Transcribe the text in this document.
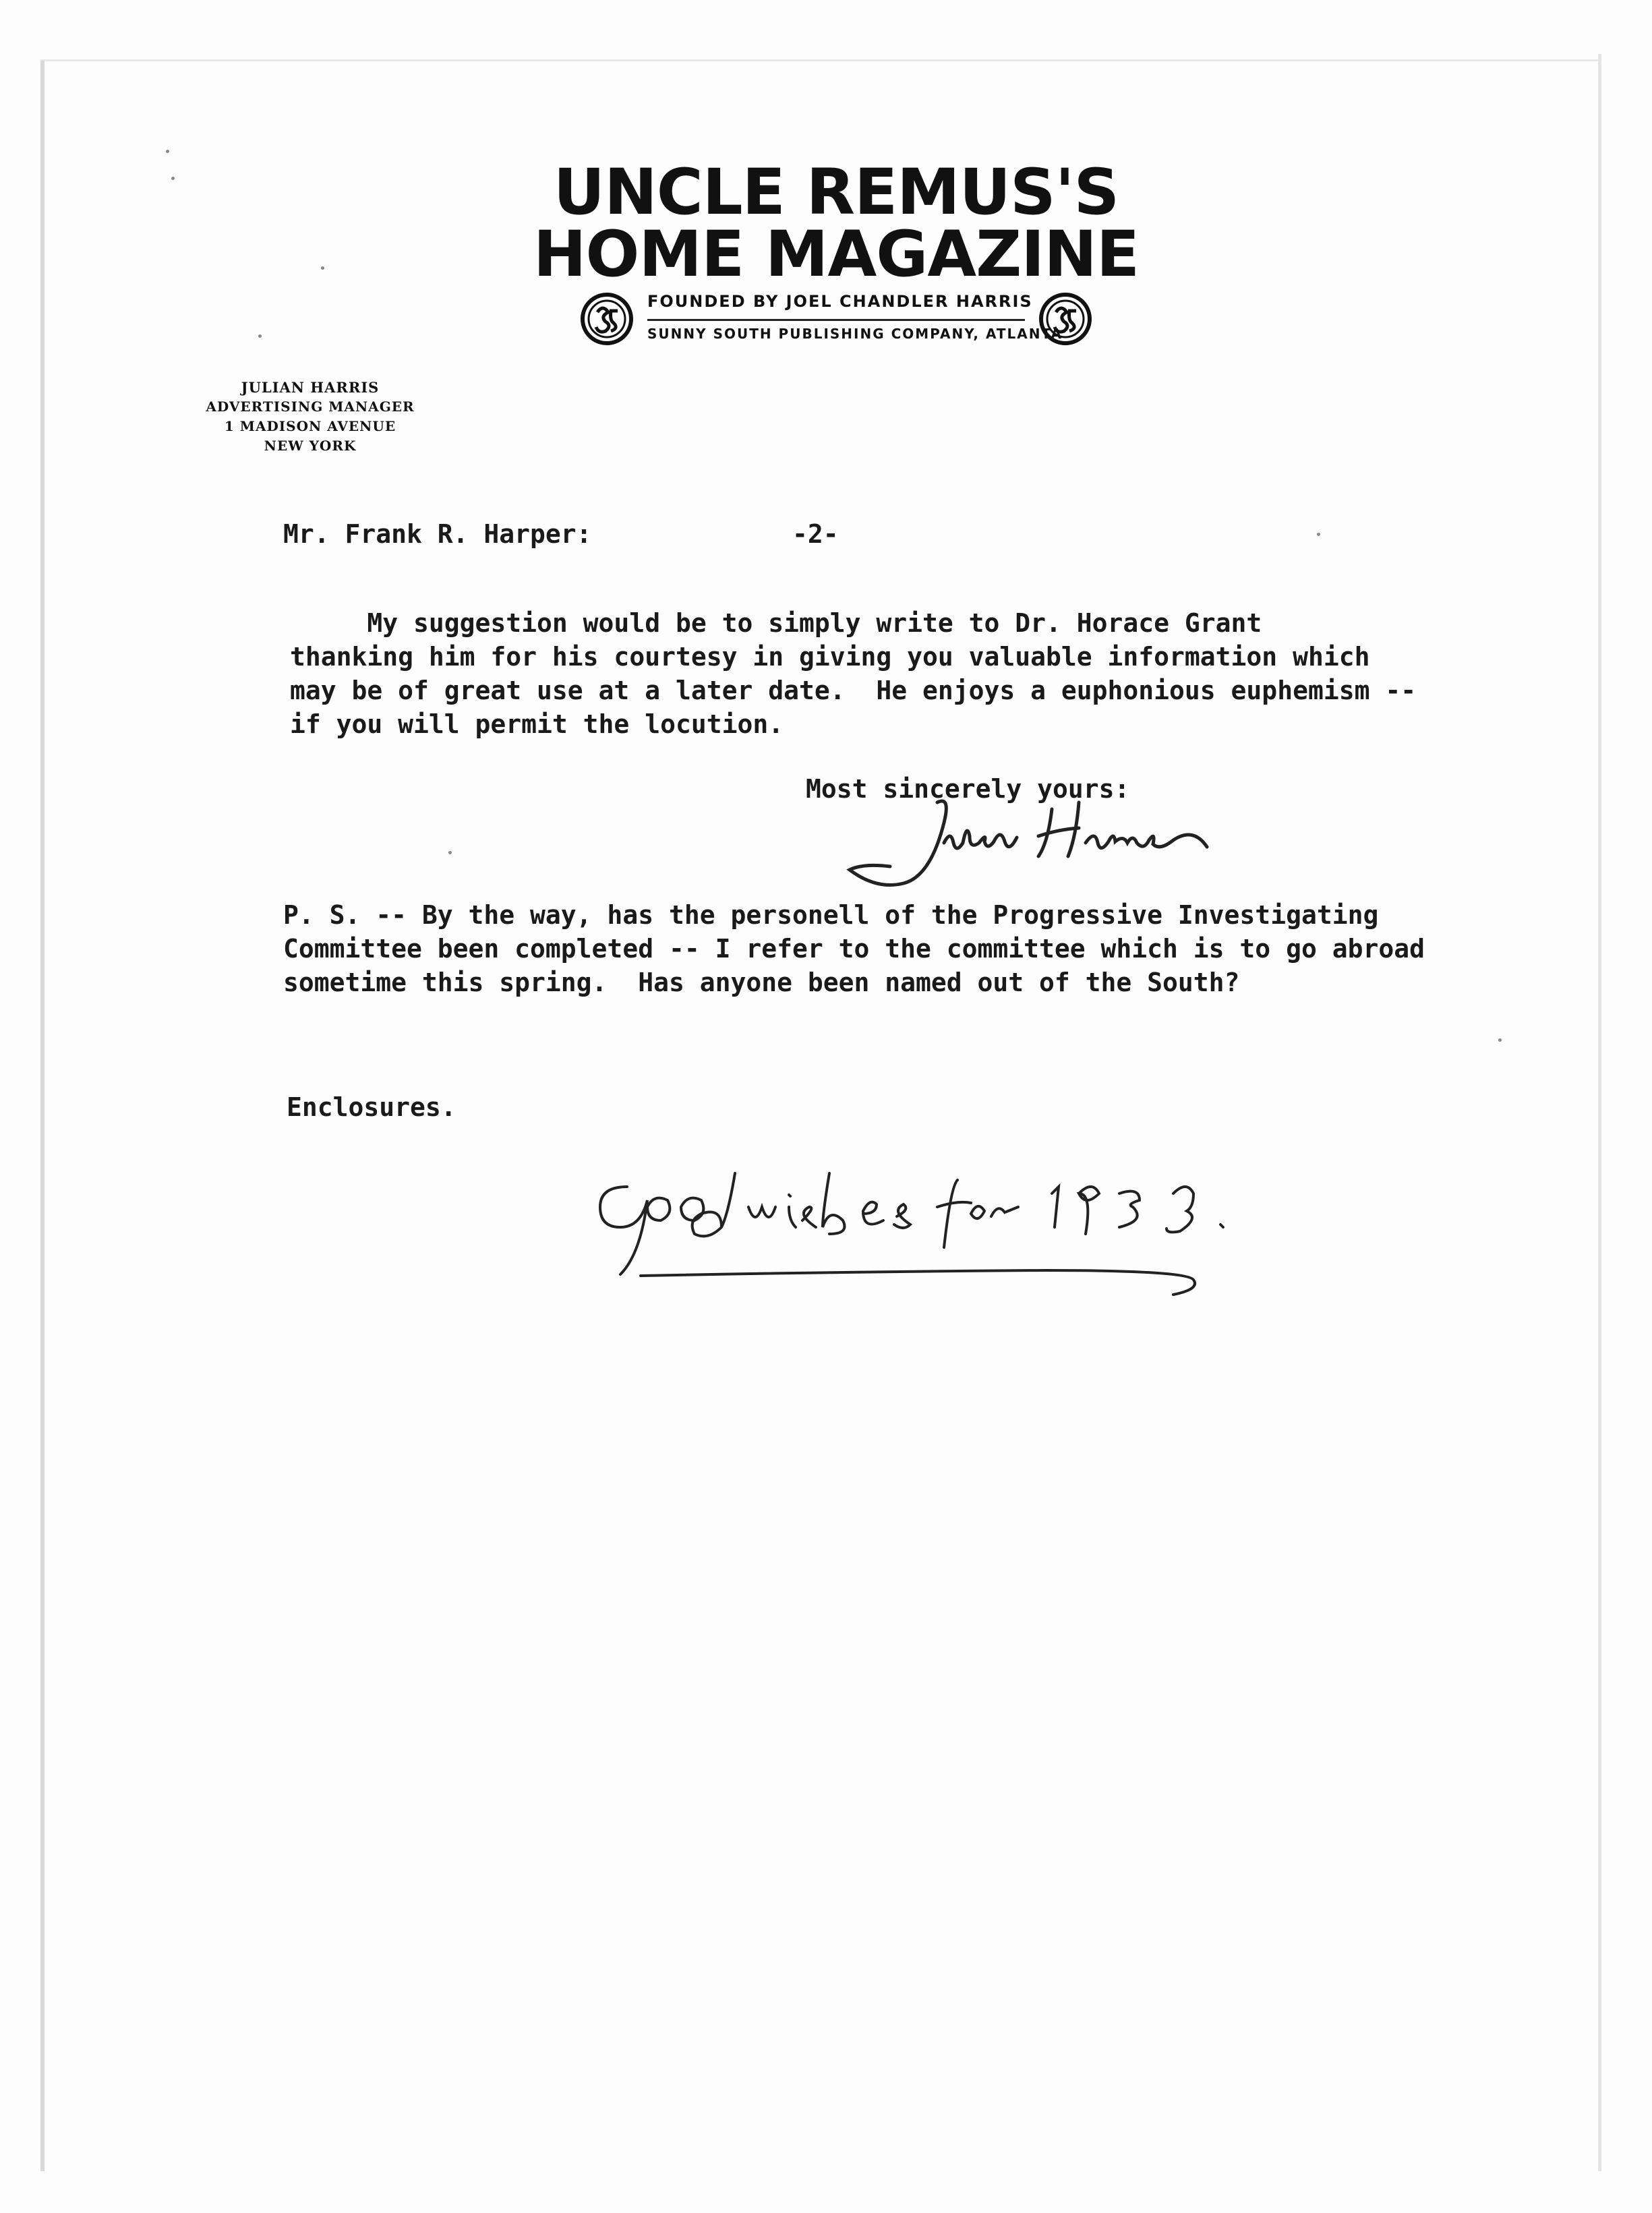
UNCLE REMUS'S
HOME MAGAZINE
FOUNDED BY JOEL CHANDLER HARRIS
SUNNY SOUTH PUBLISHING COMPANY, ATLANTA
JULIAN HARRIS
ADVERTISING MANAGER
1 MADISON AVENUE
NEW YORK
Mr. Frank R. Harper:	-2-
My suggestion would be to simply write to Dr. Horace Grant
thanking him for his courtesy in giving you valuable information which
may be of great use at a later date.  He enjoys a euphonious euphemism --
if you will permit the locution.
Most sincerely yours:
P. S. -- By the way, has the personell of the Progressive Investigating
Committee been completed -- I refer to the committee which is to go abroad
sometime this spring.  Has anyone been named out of the South?
Enclosures.
